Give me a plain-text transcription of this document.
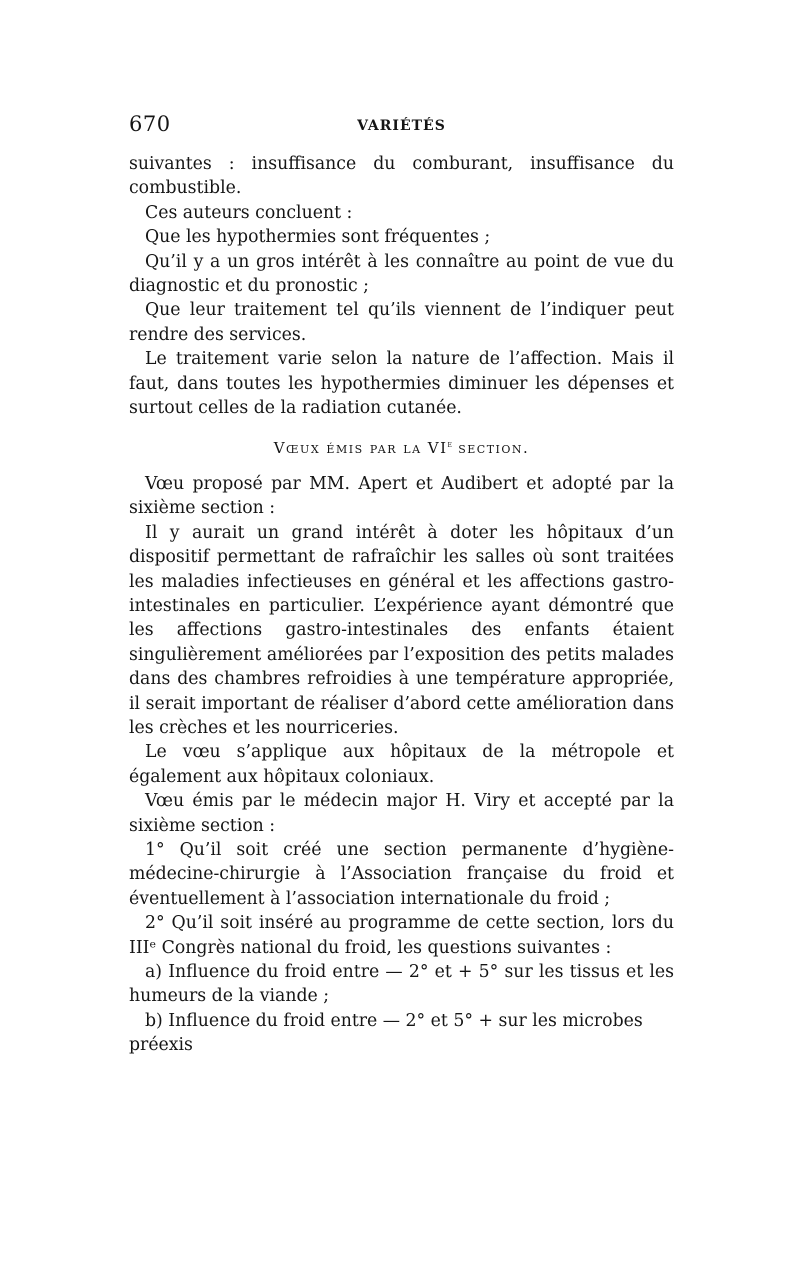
670	VARIÉTÉS

suivantes : insuffisance du comburant, insuffisance du combustible.

Ces auteurs concluent :

Que les hypothermies sont fréquentes ;

Qu’il y a un gros intérêt à les connaître au point de vue du diagnostic et du pronostic ;

Que leur traitement tel qu’ils viennent de l’indiquer peut rendre des services.

Le traitement varie selon la nature de l’affection. Mais il faut, dans toutes les hypothermies diminuer les dépenses et surtout celles de la radiation cutanée.

Vœux émis par la VIe section.

Vœu proposé par MM. Apert et Audibert et adopté par la sixième section :

Il y aurait un grand intérêt à doter les hôpitaux d’un dispositif permettant de rafraîchir les salles où sont traitées les maladies infectieuses en général et les affections gastro-intestinales en particulier. L’expérience ayant démontré que les affections gastro-intestinales des enfants étaient singulièrement améliorées par l’exposition des petits malades dans des chambres refroidies à une température appropriée, il serait important de réaliser d’abord cette amélioration dans les crèches et les nourriceries.

Le vœu s’applique aux hôpitaux de la métropole et également aux hôpitaux coloniaux.

Vœu émis par le médecin major H. Viry et accepté par la sixième section :

1° Qu’il soit créé une section permanente d’hygiène-médecine-chirurgie à l’Association française du froid et éventuellement à l’association internationale du froid ;

2° Qu’il soit inséré au programme de cette section, lors du IIIᵉ Congrès national du froid, les questions suivantes :

a) Influence du froid entre — 2° et + 5° sur les tissus et les humeurs de la viande ;

b) Influence du froid entre — 2° et 5° + sur les microbes préexis
